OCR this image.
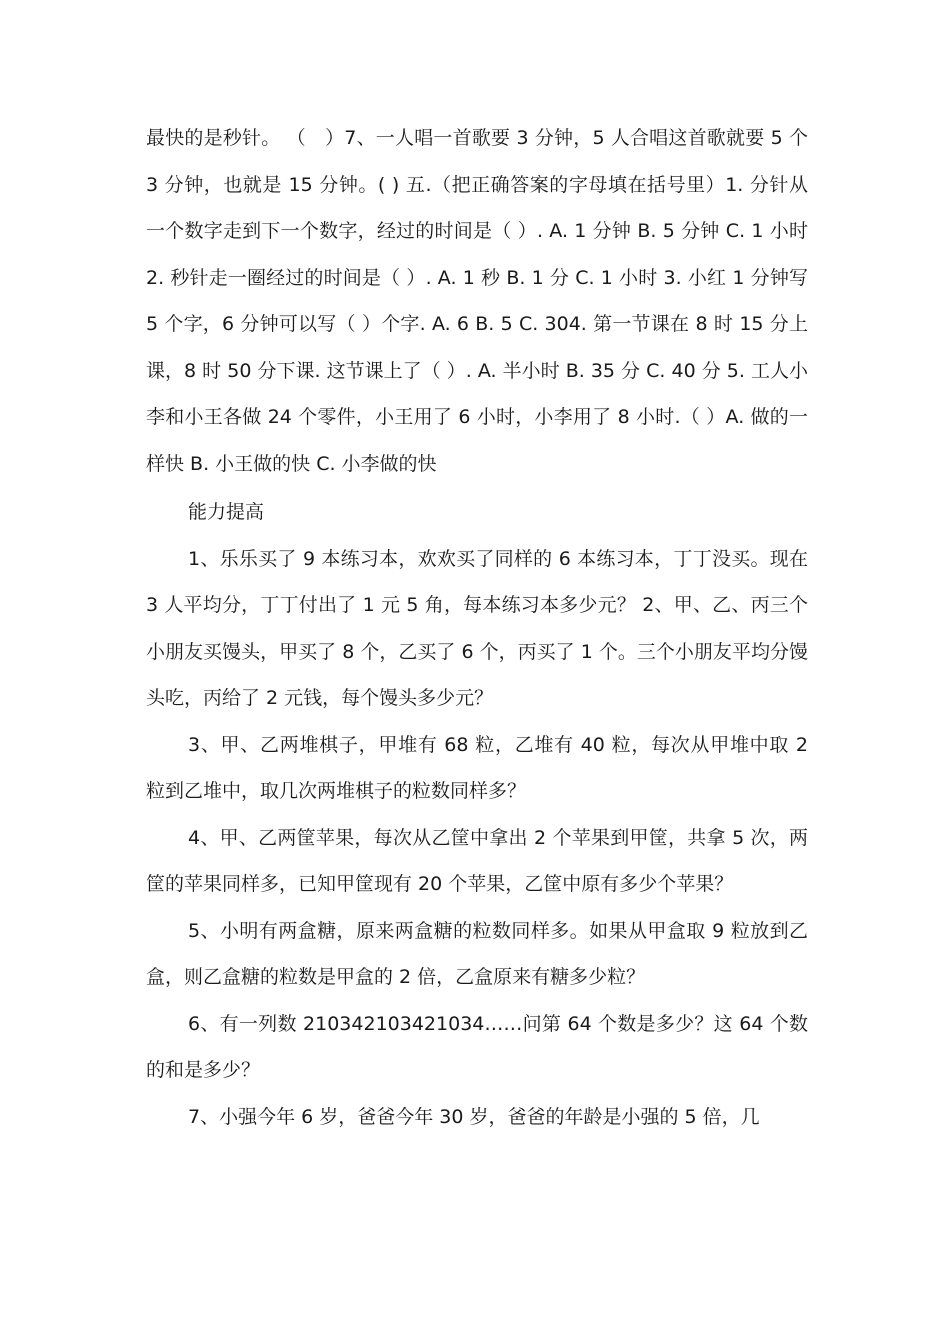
最快的是秒针。 （　）7、一人唱一首歌要 3 分钟，5 人合唱这首歌就要 5 个 3 分钟，也就是 15 分钟。( ) 五.（把正确答案的字母填在括号里）1. 分针从一个数字走到下一个数字，经过的时间是（ ）. A. 1 分钟 B. 5 分钟 C. 1 小时 2. 秒针走一圈经过的时间是（ ）. A. 1 秒 B. 1 分 C. 1 小时 3. 小红 1 分钟写 5 个字，6 分钟可以写（ ）个字. A. 6 B. 5 C. 304. 第一节课在 8 时 15 分上课，8 时 50 分下课. 这节课上了（ ）. A. 半小时 B. 35 分 C. 40 分 5. 工人小李和小王各做 24 个零件，小王用了 6 小时，小李用了 8 小时.（ ）A. 做的一样快 B. 小王做的快 C. 小李做的快

能力提高

1、乐乐买了 9 本练习本，欢欢买了同样的 6 本练习本，丁丁没买。现在 3 人平均分，丁丁付出了 1 元 5 角，每本练习本多少元？ 2、甲、乙、丙三个小朋友买馒头，甲买了 8 个，乙买了 6 个，丙买了 1 个。三个小朋友平均分馒头吃，丙给了 2 元钱，每个馒头多少元？

3、甲、乙两堆棋子，甲堆有 68 粒，乙堆有 40 粒，每次从甲堆中取 2 粒到乙堆中，取几次两堆棋子的粒数同样多？

4、甲、乙两筐苹果，每次从乙筐中拿出 2 个苹果到甲筐，共拿 5 次，两筐的苹果同样多，已知甲筐现有 20 个苹果，乙筐中原有多少个苹果？

5、小明有两盒糖，原来两盒糖的粒数同样多。如果从甲盒取 9 粒放到乙盒，则乙盒糖的粒数是甲盒的 2 倍，乙盒原来有糖多少粒？

6、有一列数 210342103421034……问第 64 个数是多少？这 64 个数的和是多少？

7、小强今年 6 岁，爸爸今年 30 岁，爸爸的年龄是小强的 5 倍，几
